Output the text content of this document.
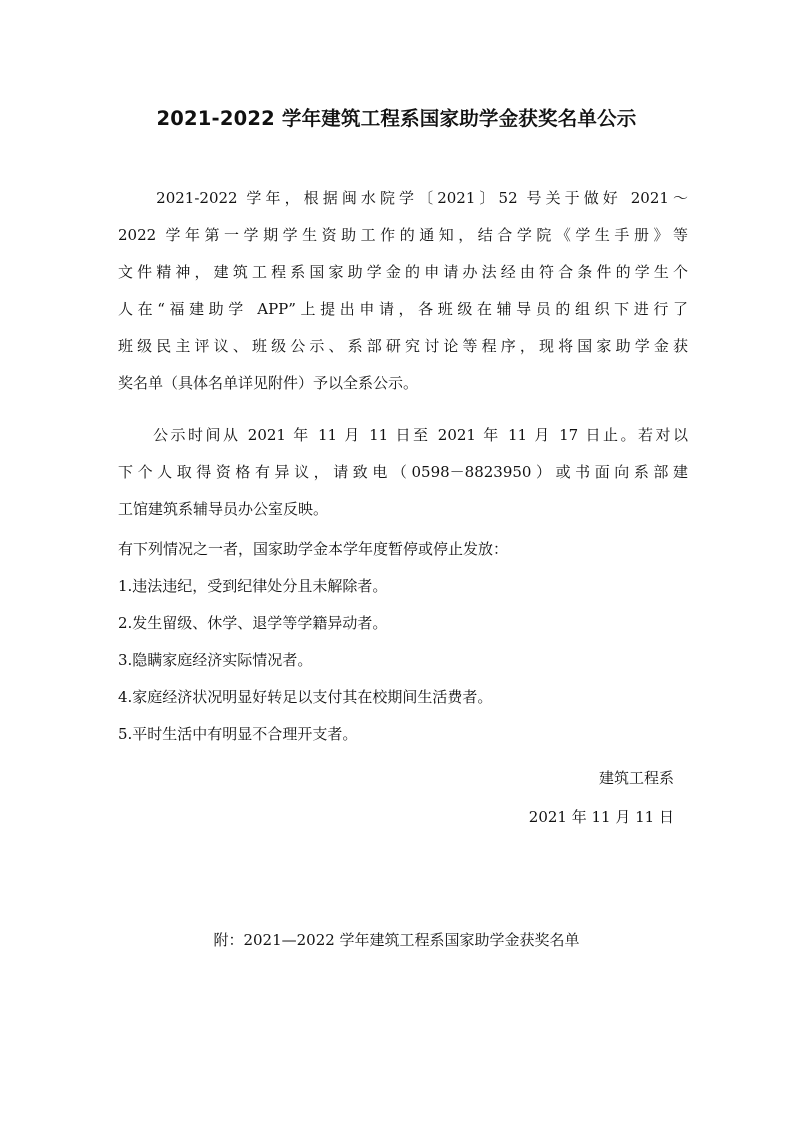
2021-2022 学年建筑工程系国家助学金获奖名单公示
　　2021-2022 学年，根据闽水院学〔2021〕52 号关于做好 2021～
2022 学年第一学期学生资助工作的通知，结合学院《学生手册》等
文件精神，建筑工程系国家助学金的申请办法经由符合条件的学生个
人在“福建助学 APP”上提出申请，各班级在辅导员的组织下进行了
班级民主评议、班级公示、系部研究讨论等程序，现将国家助学金获
奖名单（具体名单详见附件）予以全系公示。
　　公示时间从 2021 年 11 月 11 日至 2021 年 11 月 17 日止。若对以
下个人取得资格有异议，请致电（0598－8823950）或书面向系部建
工馆建筑系辅导员办公室反映。
有下列情况之一者，国家助学金本学年度暂停或停止发放：
1.违法违纪，受到纪律处分且未解除者。
2.发生留级、休学、退学等学籍异动者。
3.隐瞒家庭经济实际情况者。
4.家庭经济状况明显好转足以支付其在校期间生活费者。
5.平时生活中有明显不合理开支者。
建筑工程系
2021 年 11 月 11 日
附：2021—2022 学年建筑工程系国家助学金获奖名单
